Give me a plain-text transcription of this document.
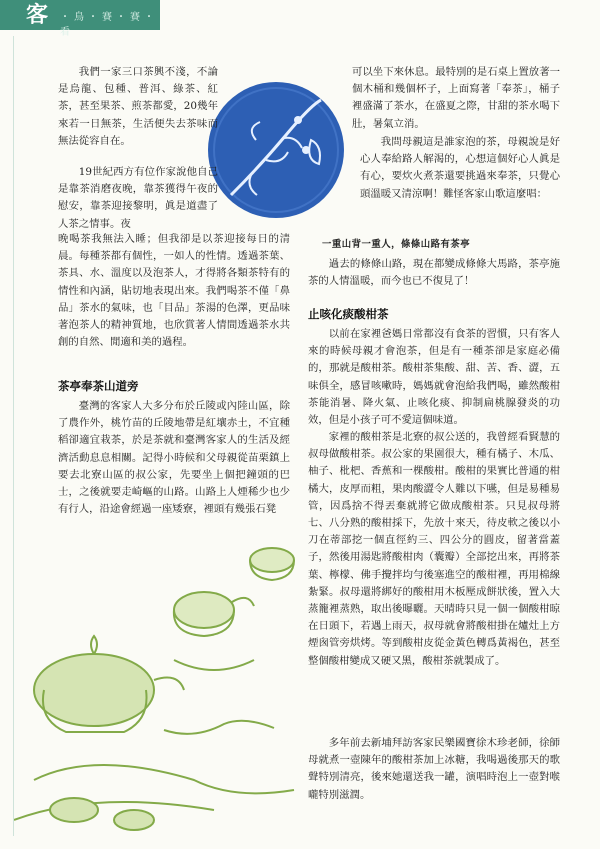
客 ・ 鳥 ・ 賽 ・ 賽 ・看

我們一家三口茶興不淺，不論是烏龍、包種、普洱、綠茶、紅茶，甚至果茶、煎茶都愛，20幾年來若一日無茶，生活便失去茶味而無法從容自在。

19世紀西方有位作家說他自己是靠茶消磨夜晚，靠茶獲得午夜的慰安，靠茶迎接黎明，眞是道盡了人茶之情事。夜

晚喝茶我無法入睡；但我卻是以茶迎接每日的清晨。每種茶都有個性，一如人的性情。透過茶葉、茶具、水、溫度以及泡茶人，才得將各類茶特有的情性和內涵，貼切地表現出來。我們喝茶不僅「鼻品」茶水的氣味，也「目品」茶湯的色澤，更品味著泡茶人的精神質地，也欣賞著人情間透過茶水共創的自然、閒適和美的過程。

茶亭奉茶山道旁

臺灣的客家人大多分布於丘陵或內陸山區，除了農作外，桃竹苗的丘陵地帶是紅壤赤土，不宜種稻卻適宜栽茶，於是茶就和臺灣客家人的生活及經濟活動息息相關。記得小時候和父母親從苗栗鎮上要去北寮山區的叔公家，先要坐上個把鐘頭的巴士，之後就要走崎嶇的山路。山路上人煙稀少也少有行人，沿途會經過一座矮寮，裡頭有幾張石凳

可以坐下來休息。最特別的是石桌上置放著一個木桶和幾個杯子，上面寫著「奉茶」，桶子裡盛滿了茶水，在盛夏之際，甘甜的茶水喝下肚，暑氣立消。

我問母親這是誰家泡的茶，母親說是好心人奉給路人解渴的，心想這個好心人眞是有心，要炊火煮茶還要挑過來奉茶，只覺心頭溫暖又清涼啊！難怪客家山歌這麼唱：

一重山背一重人，條條山路有茶亭

過去的條條山路，現在都變成條條大馬路，茶亭施茶的人情溫暖，而今也已不復見了！

止咳化痰酸柑茶

以前在家裡爸媽日常都沒有食茶的習慣，只有客人來的時候母親才會泡茶，但是有一種茶卻是家庭必備的，那就是酸柑茶。酸柑茶集酸、甜、苦、香、澀，五味俱全，感冒咳嗽時，媽媽就會泡給我們喝，雖然酸柑茶能消暑、降火氣、止咳化痰、抑制扁桃腺發炎的功效，但是小孩子可不愛這個味道。

家裡的酸柑茶是北寮的叔公送的，我曾經看賢慧的叔母做酸柑茶。叔公家的果園很大，種有橘子、木瓜、柚子、枇杷、香蕉和一棵酸柑。酸柑的果實比普通的柑橘大，皮厚而粗，果肉酸澀令人難以下嚥，但是易種易管，因爲捨不得丟棄就將它做成酸柑茶。只見叔母將七、八分熟的酸柑採下，先放十來天，待皮軟之後以小刀在蒂部挖一個直徑約三、四公分的圓皮，留著當蓋子，然後用湯匙將酸柑肉（囊瓣）全部挖出來，再將茶葉、檸檬、佛手攪拌均勻後塞進空的酸柑裡，再用棉線紮緊。叔母還將綁好的酸柑用木板壓成餅狀後，置入大蒸籠裡蒸熟，取出後曝曬。天晴時只見一個一個酸柑晾在日頭下，若遇上雨天，叔母就會將酸柑掛在爐灶上方煙囪管旁烘烤。等到酸柑皮從金黃色轉爲黃褐色，甚至整個酸柑變成又硬又黑，酸柑茶就製成了。

多年前去新埔拜訪客家民樂國寶徐木珍老師，徐師母就煮一壺陳年的酸柑茶加上冰糖，我喝過後那天的歌聲特別清亮，後來她還送我一罐，演唱時泡上一壺對喉嚨特別滋潤。
